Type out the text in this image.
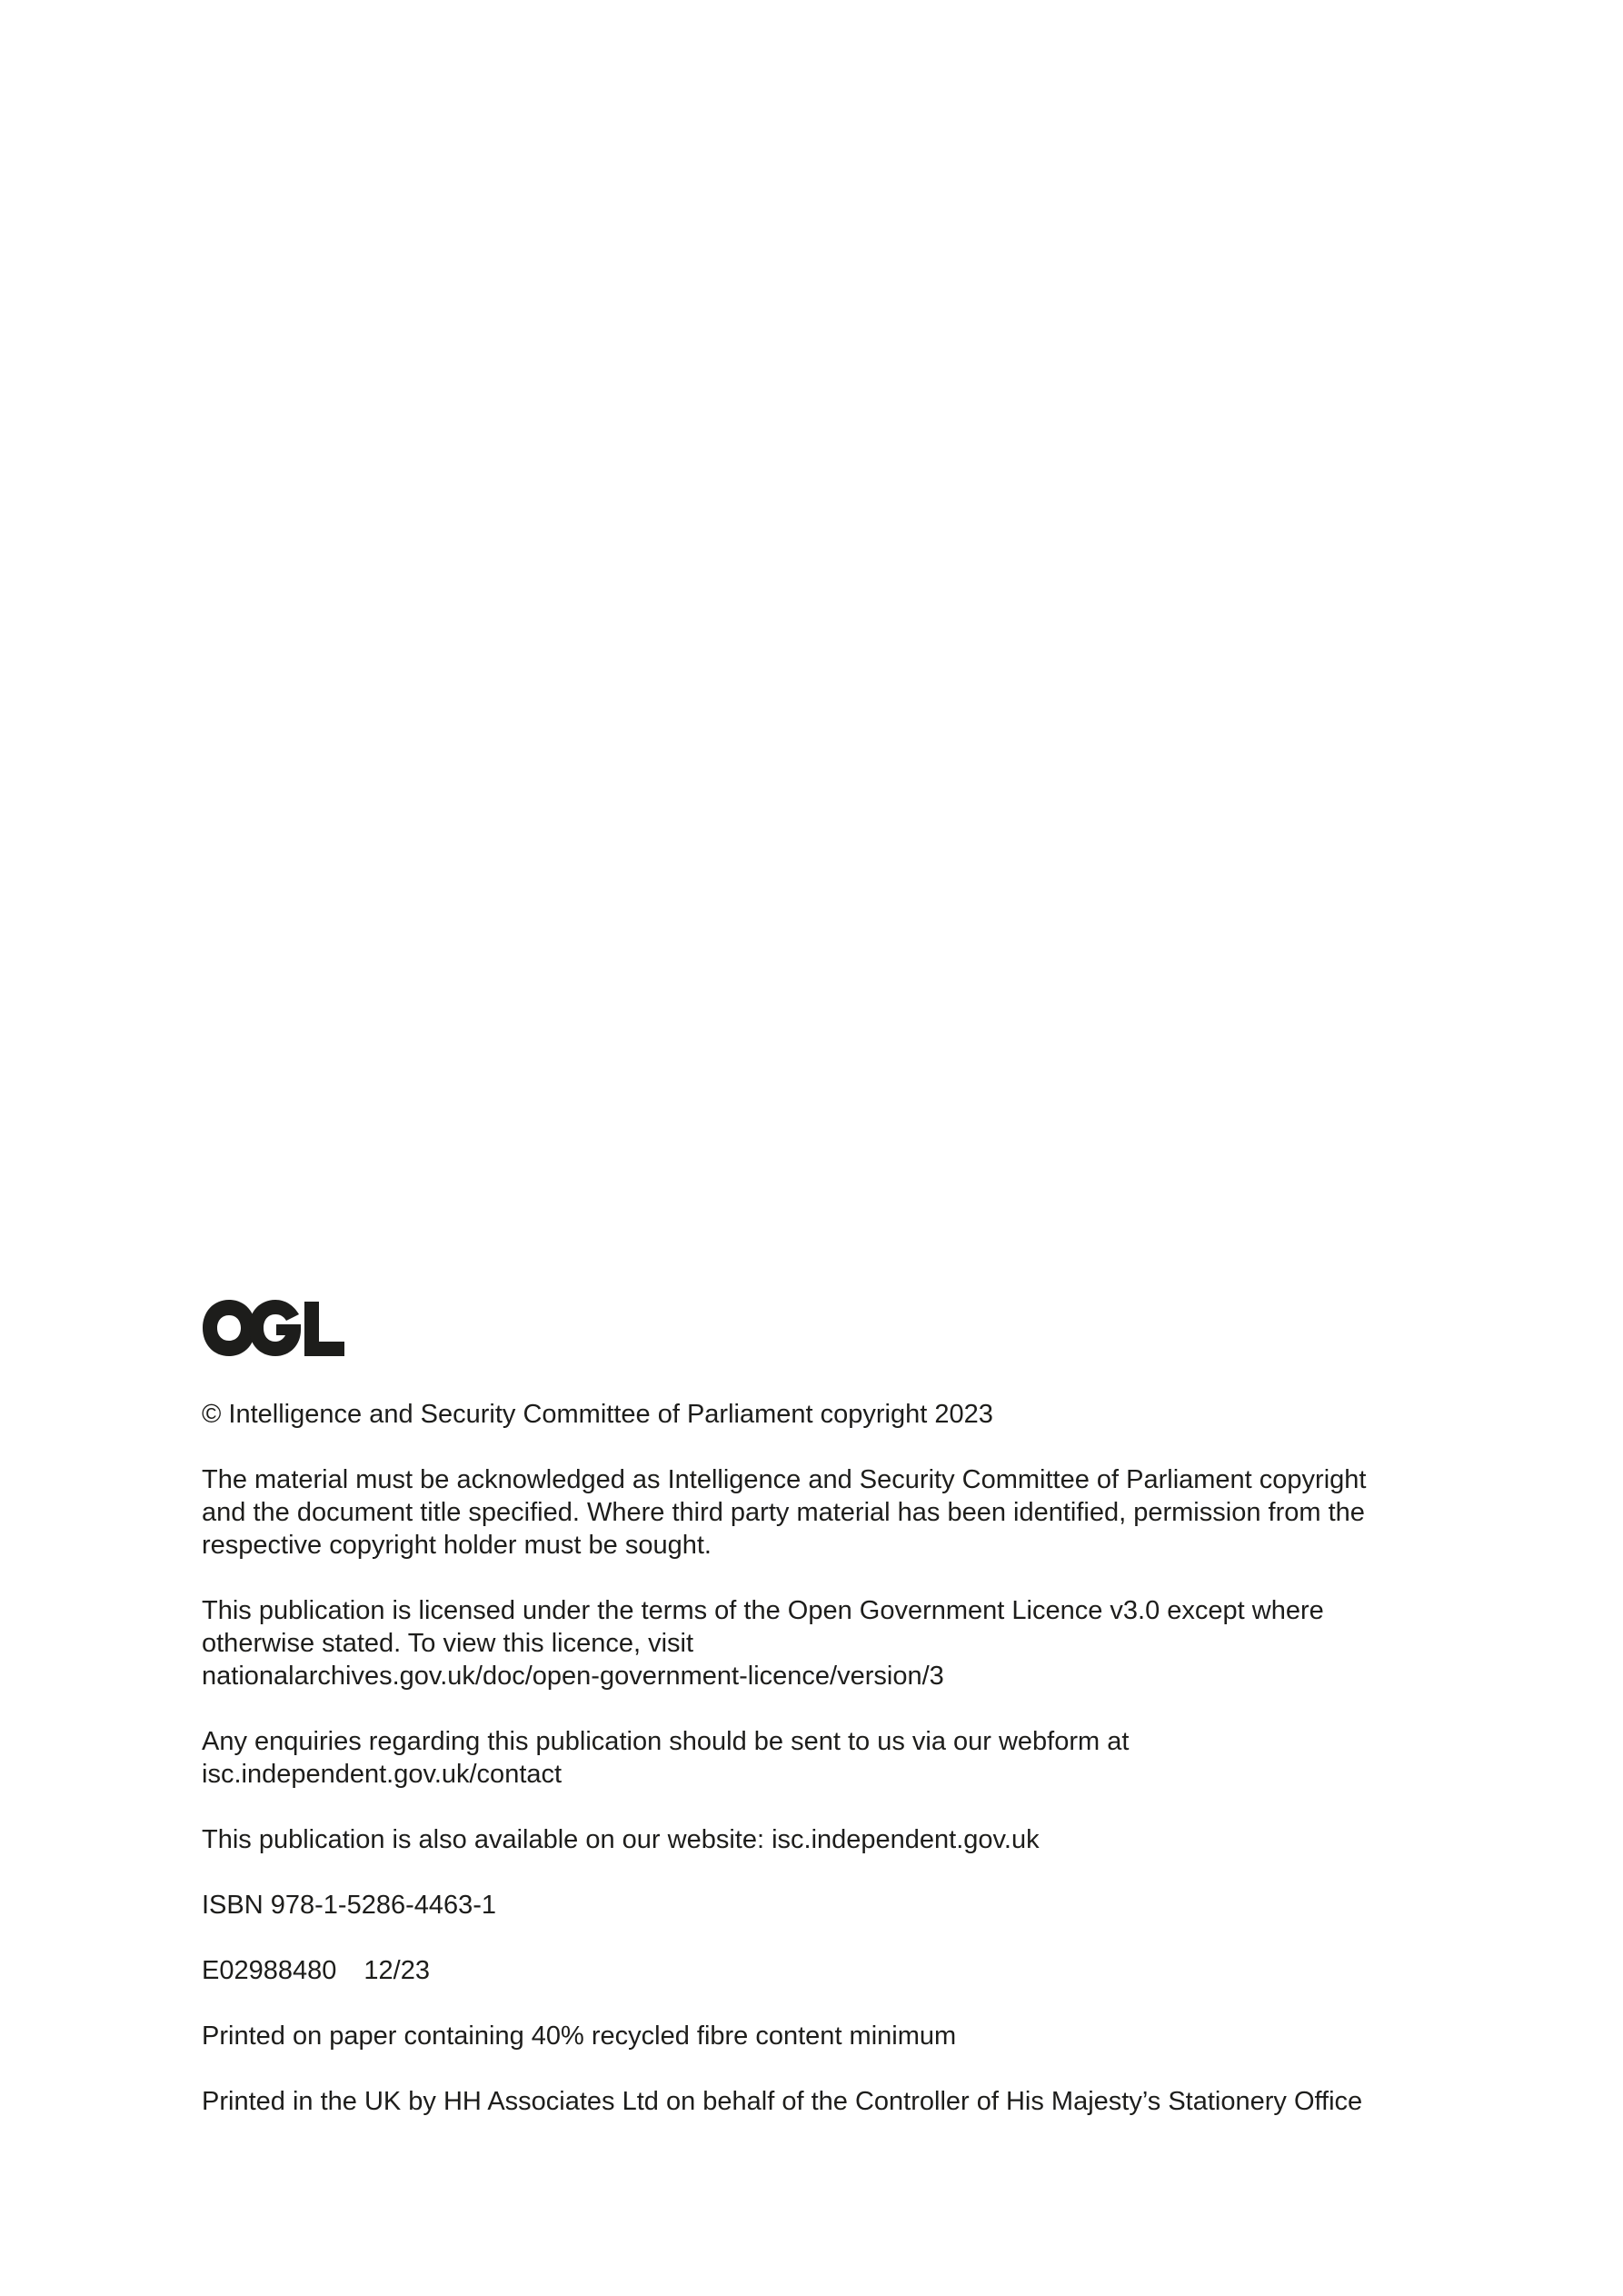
© Intelligence and Security Committee of Parliament copyright 2023

The material must be acknowledged as Intelligence and Security Committee of Parliament copyright
and the document title specified. Where third party material has been identified, permission from the
respective copyright holder must be sought.

This publication is licensed under the terms of the Open Government Licence v3.0 except where
otherwise stated. To view this licence, visit
nationalarchives.gov.uk/doc/open-government-licence/version/3

Any enquiries regarding this publication should be sent to us via our webform at
isc.independent.gov.uk/contact

This publication is also available on our website: isc.independent.gov.uk

ISBN 978-1-5286-4463-1

E02988480 12/23

Printed on paper containing 40% recycled fibre content minimum

Printed in the UK by HH Associates Ltd on behalf of the Controller of His Majesty’s Stationery Office
